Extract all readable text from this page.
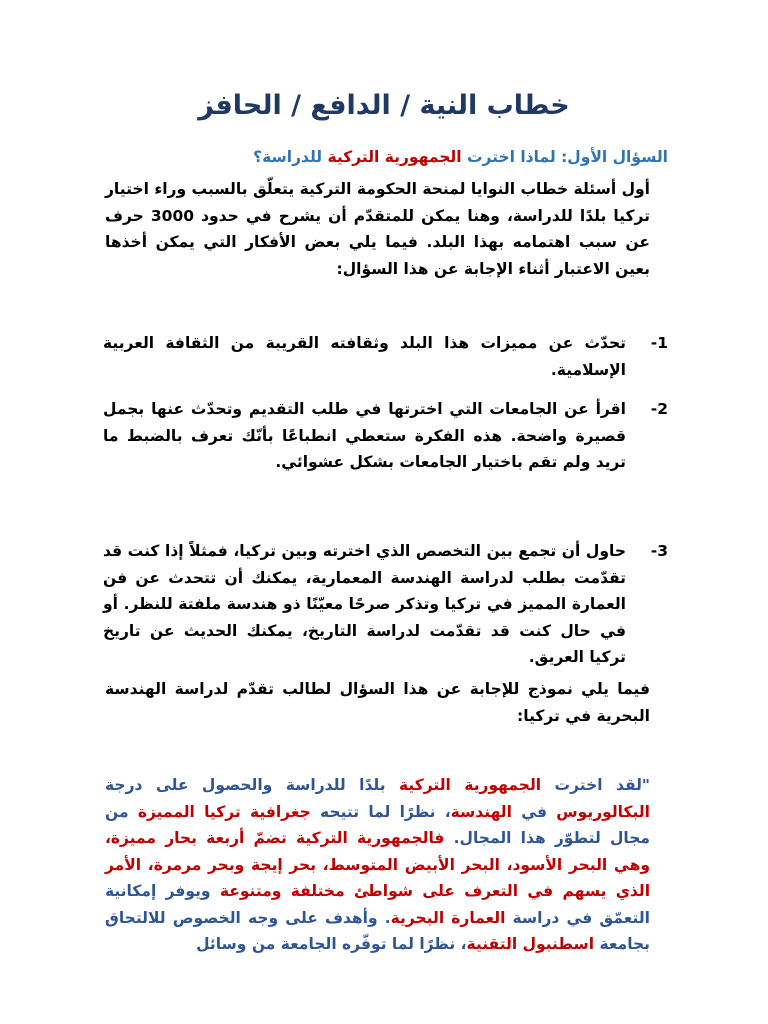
خطاب النية / الدافع / الحافز

السؤال الأول: لماذا اخترت الجمهورية التركية للدراسة؟

أول أسئلة خطاب النوايا لمنحة الحكومة التركية يتعلّق بالسبب وراء اختيار تركيا بلدًا للدراسة، وهنا يمكن للمتقدّم أن يشرح في حدود 3000 حرف عن سبب اهتمامه بهذا البلد. فيما يلي بعض الأفكار التي يمكن أخذها بعين الاعتبار أثناء الإجابة عن هذا السؤال:

-1
تحدّث عن مميزات هذا البلد وثقافته القريبة من الثقافة العربية الإسلامية.
-2
اقرأ عن الجامعات التي اخترتها في طلب التقديم وتحدّث عنها بجمل قصيرة واضحة. هذه الفكرة ستعطي انطباعًا بأنّك تعرف بالضبط ما تريد ولم تقم باختيار الجامعات بشكل عشوائي.
-3
حاول أن تجمع بين التخصص الذي اخترته وبين تركيا، فمثلاً إذا كنت قد تقدّمت بطلب لدراسة الهندسة المعمارية، يمكنك أن تتحدث عن فن العمارة المميز في تركيا وتذكر صرحًا معيّنًا ذو هندسة ملفتة للنظر. أو في حال كنت قد تقدّمت لدراسة التاريخ، يمكنك الحديث عن تاريخ تركيا العريق.

فيما يلي نموذج للإجابة عن هذا السؤال لطالب تقدّم لدراسة الهندسة البحرية في تركيا:

"لقد اخترت الجمهورية التركية بلدًا للدراسة والحصول على درجة البكالوريوس في الهندسة، نظرًا لما تتيحه جغرافية تركيا المميزة من مجال لتطوّر هذا المجال. فالجمهورية التركية تضمّ أربعة بحار مميزة، وهي البحر الأسود، البحر الأبيض المتوسط، بحر إيجة وبحر مرمرة، الأمر الذي يسهم في التعرف على شواطئ مختلفة ومتنوعة ويوفر إمكانية التعمّق في دراسة العمارة البحرية. وأهدف على وجه الخصوص للالتحاق بجامعة اسطنبول التقنية، نظرًا لما توفّره الجامعة من وسائل
